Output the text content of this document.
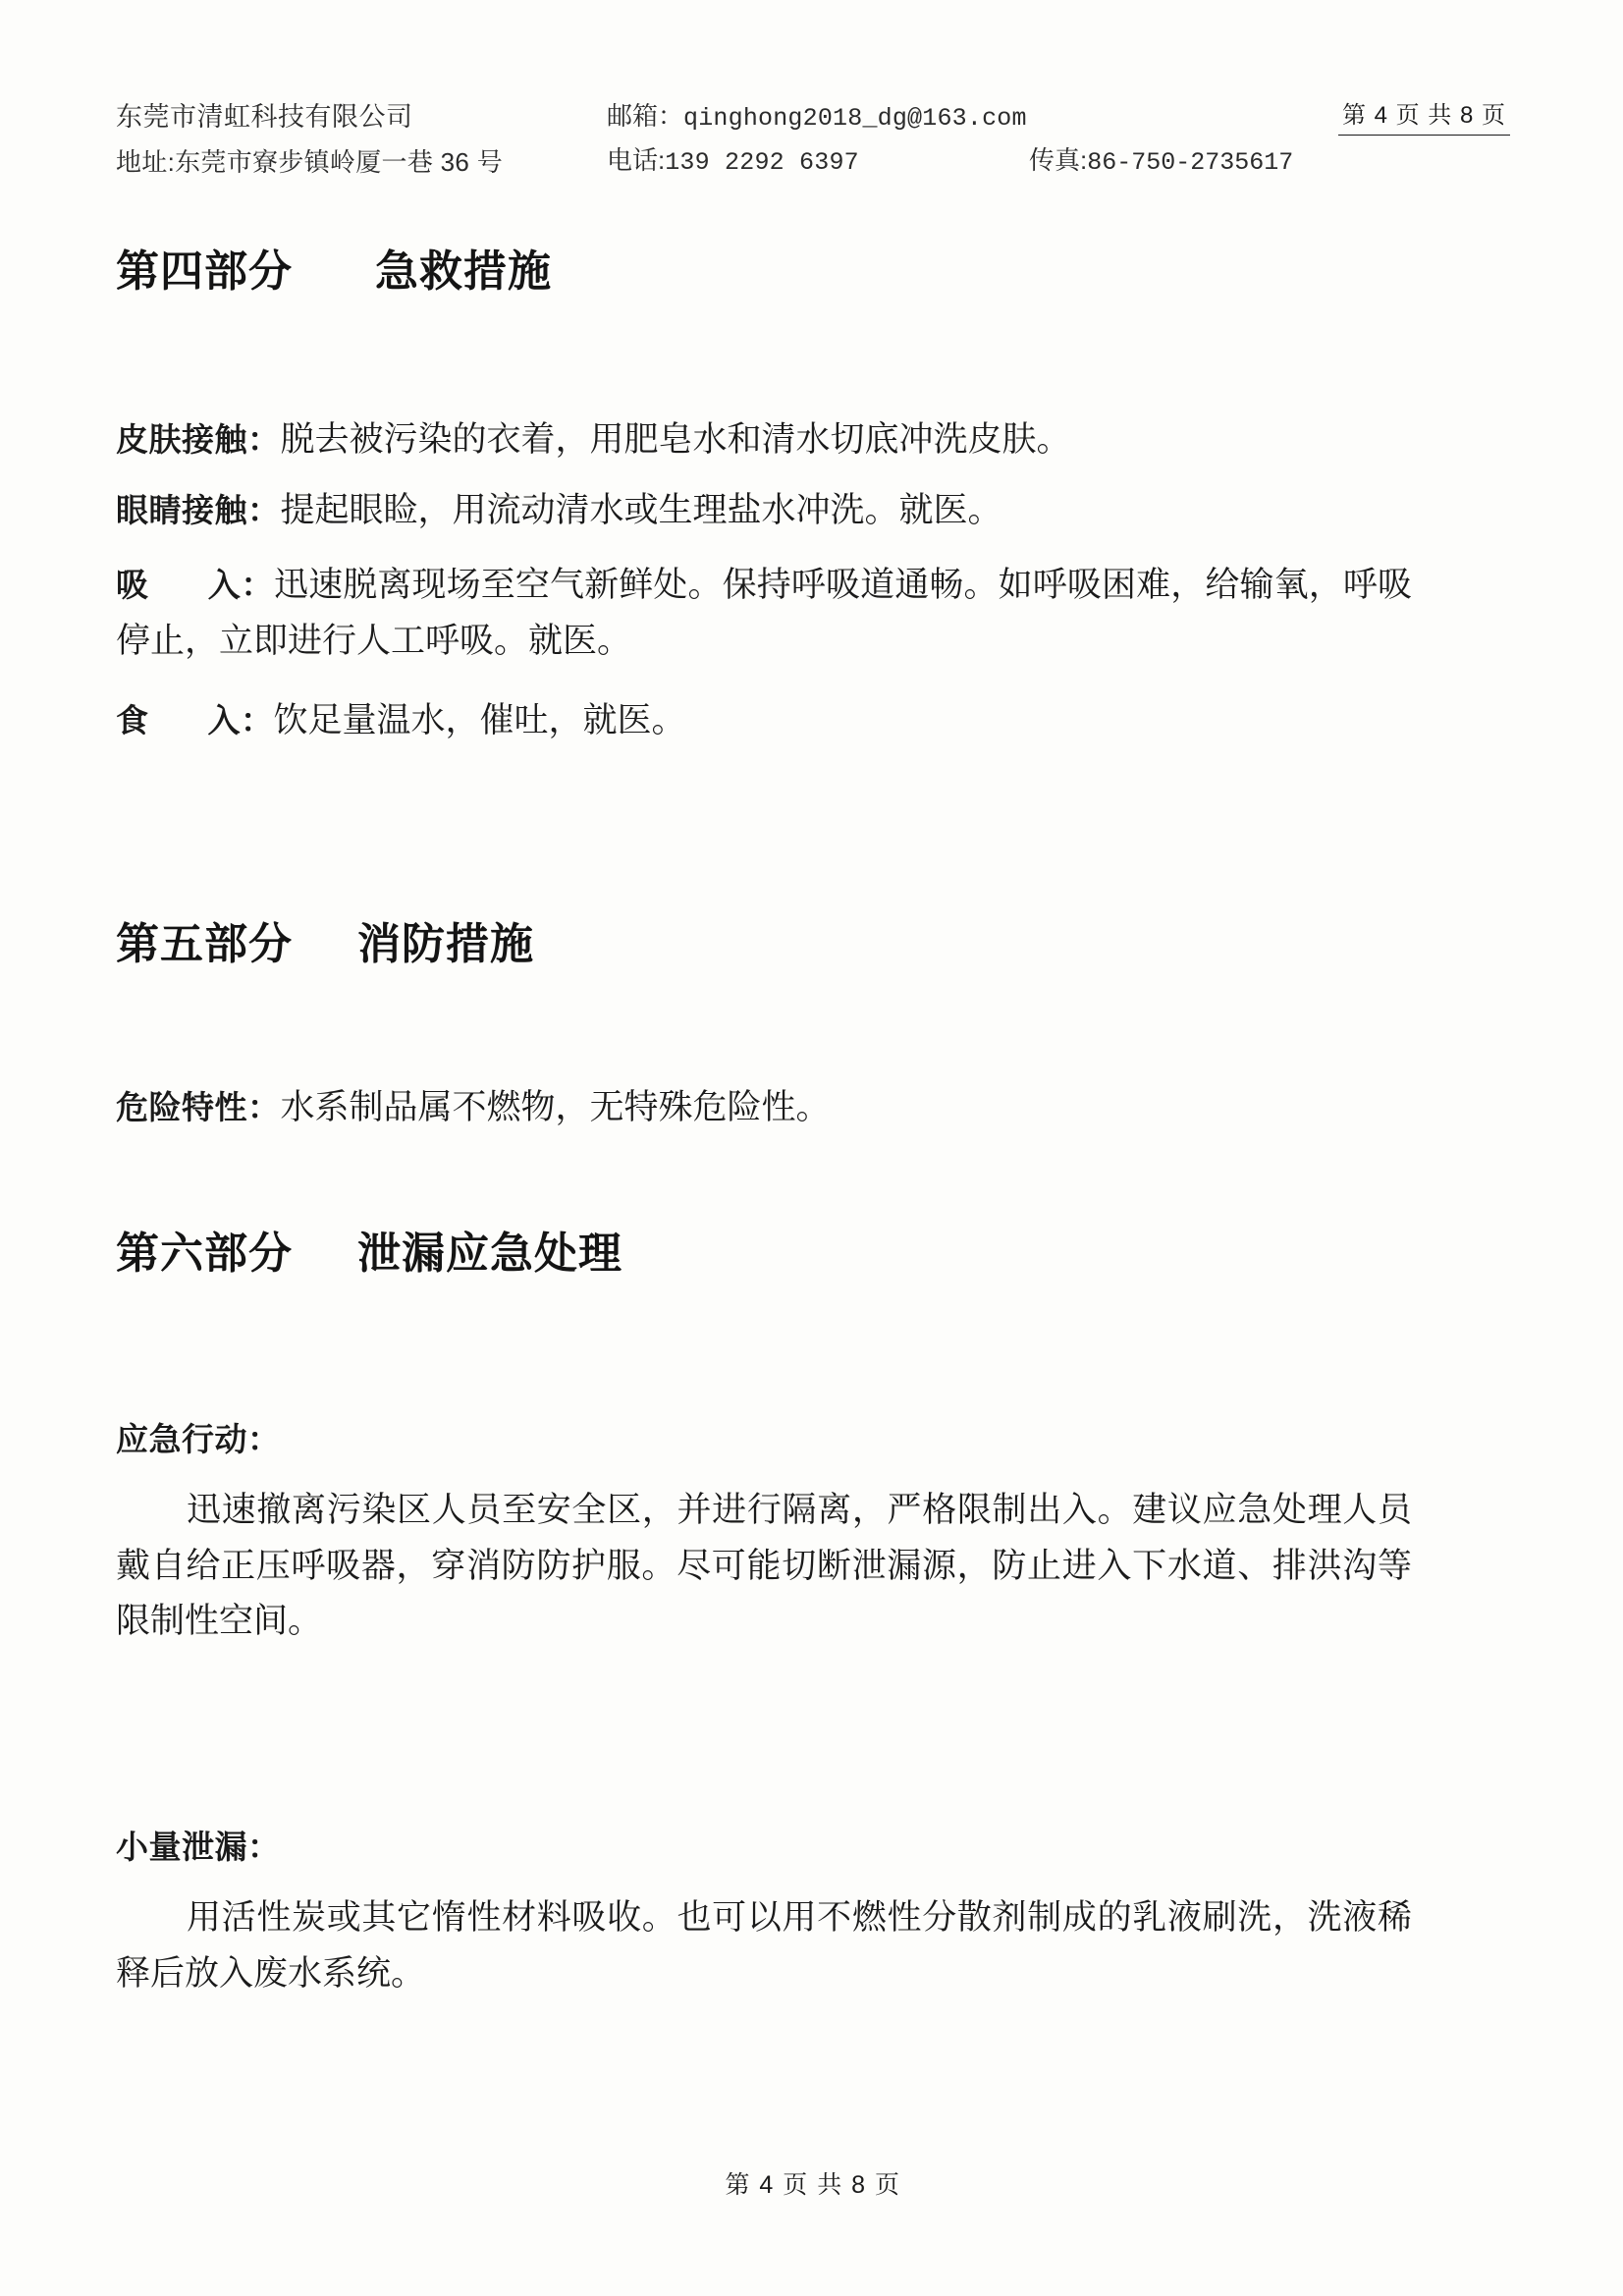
东莞市清虹科技有限公司	邮箱：qinghong2018_dg@163.com
地址:东莞市寮步镇岭厦一巷 36 号	电话:139 2292 6397	传真:86-750-2735617
第 4 页 共 8 页
第四部分 急救措施
皮肤接触：脱去被污染的衣着，用肥皂水和清水切底冲洗皮肤。
眼睛接触：提起眼睑，用流动清水或生理盐水冲洗。就医。
吸 入：迅速脱离现场至空气新鲜处。保持呼吸道通畅。如呼吸困难，给输氧，呼吸停止，立即进行人工呼吸。就医。
食 入：饮足量温水，催吐，就医。
第五部分 消防措施
危险特性：水系制品属不燃物，无特殊危险性。
第六部分 泄漏应急处理
应急行动：
迅速撤离污染区人员至安全区，并进行隔离，严格限制出入。建议应急处理人员戴自给正压呼吸器，穿消防防护服。尽可能切断泄漏源，防止进入下水道、排洪沟等限制性空间。
小量泄漏：
用活性炭或其它惰性材料吸收。也可以用不燃性分散剂制成的乳液刷洗，洗液稀释后放入废水系统。
第 4 页 共 8 页
